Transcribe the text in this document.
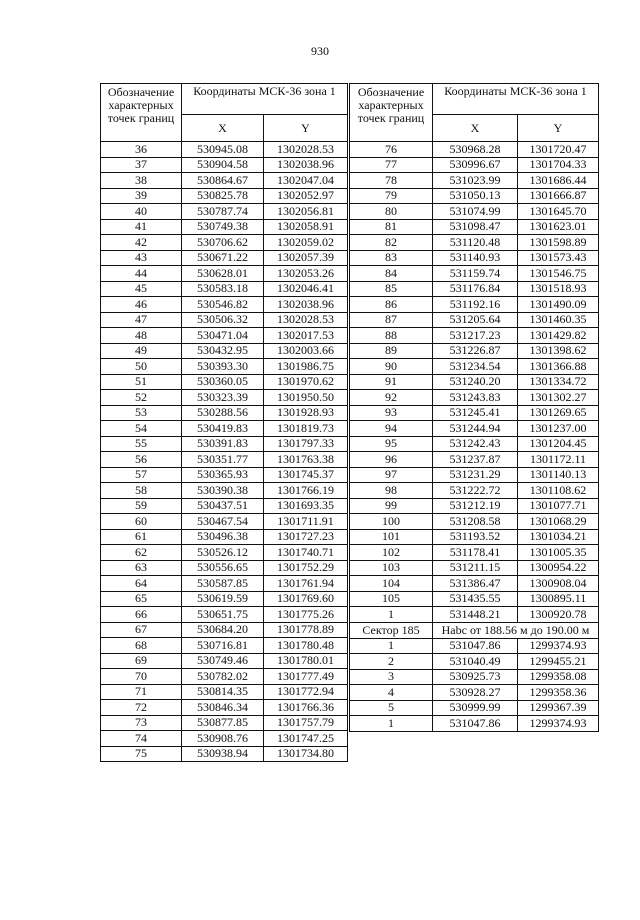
930
Обозначение характерных точек границ	Координаты МСК-36 зона 1	
	X	Y
36	530945.08	1302028.53
37	530904.58	1302038.96
38	530864.67	1302047.04
39	530825.78	1302052.97
40	530787.74	1302056.81
41	530749.38	1302058.91
42	530706.62	1302059.02
43	530671.22	1302057.39
44	530628.01	1302053.26
45	530583.18	1302046.41
46	530546.82	1302038.96
47	530506.32	1302028.53
48	530471.04	1302017.53
49	530432.95	1302003.66
50	530393.30	1301986.75
51	530360.05	1301970.62
52	530323.39	1301950.50
53	530288.56	1301928.93
54	530419.83	1301819.73
55	530391.83	1301797.33
56	530351.77	1301763.38
57	530365.93	1301745.37
58	530390.38	1301766.19
59	530437.51	1301693.35
60	530467.54	1301711.91
61	530496.38	1301727.23
62	530526.12	1301740.71
63	530556.65	1301752.29
64	530587.85	1301761.94
65	530619.59	1301769.60
66	530651.75	1301775.26
67	530684.20	1301778.89
68	530716.81	1301780.48
69	530749.46	1301780.01
70	530782.02	1301777.49
71	530814.35	1301772.94
72	530846.34	1301766.36
73	530877.85	1301757.79
74	530908.76	1301747.25
75	530938.94	1301734.80
Обозначение характерных точек границ	Координаты МСК-36 зона 1	
	X	Y
76	530968.28	1301720.47
77	530996.67	1301704.33
78	531023.99	1301686.44
79	531050.13	1301666.87
80	531074.99	1301645.70
81	531098.47	1301623.01
82	531120.48	1301598.89
83	531140.93	1301573.43
84	531159.74	1301546.75
85	531176.84	1301518.93
86	531192.16	1301490.09
87	531205.64	1301460.35
88	531217.23	1301429.82
89	531226.87	1301398.62
90	531234.54	1301366.88
91	531240.20	1301334.72
92	531243.83	1301302.27
93	531245.41	1301269.65
94	531244.94	1301237.00
95	531242.43	1301204.45
96	531237.87	1301172.11
97	531231.29	1301140.13
98	531222.72	1301108.62
99	531212.19	1301077.71
100	531208.58	1301068.29
101	531193.52	1301034.21
102	531178.41	1301005.35
103	531211.15	1300954.22
104	531386.47	1300908.04
105	531435.55	1300895.11
1	531448.21	1300920.78
Сектор 185	Нabc от 188.56 м до 190.00 м	

1	531047.86	1299374.93
2	531040.49	1299455.21
3	530925.73	1299358.08
4	530928.27	1299358.36
5	530999.99	1299367.39
1	531047.86	1299374.93
